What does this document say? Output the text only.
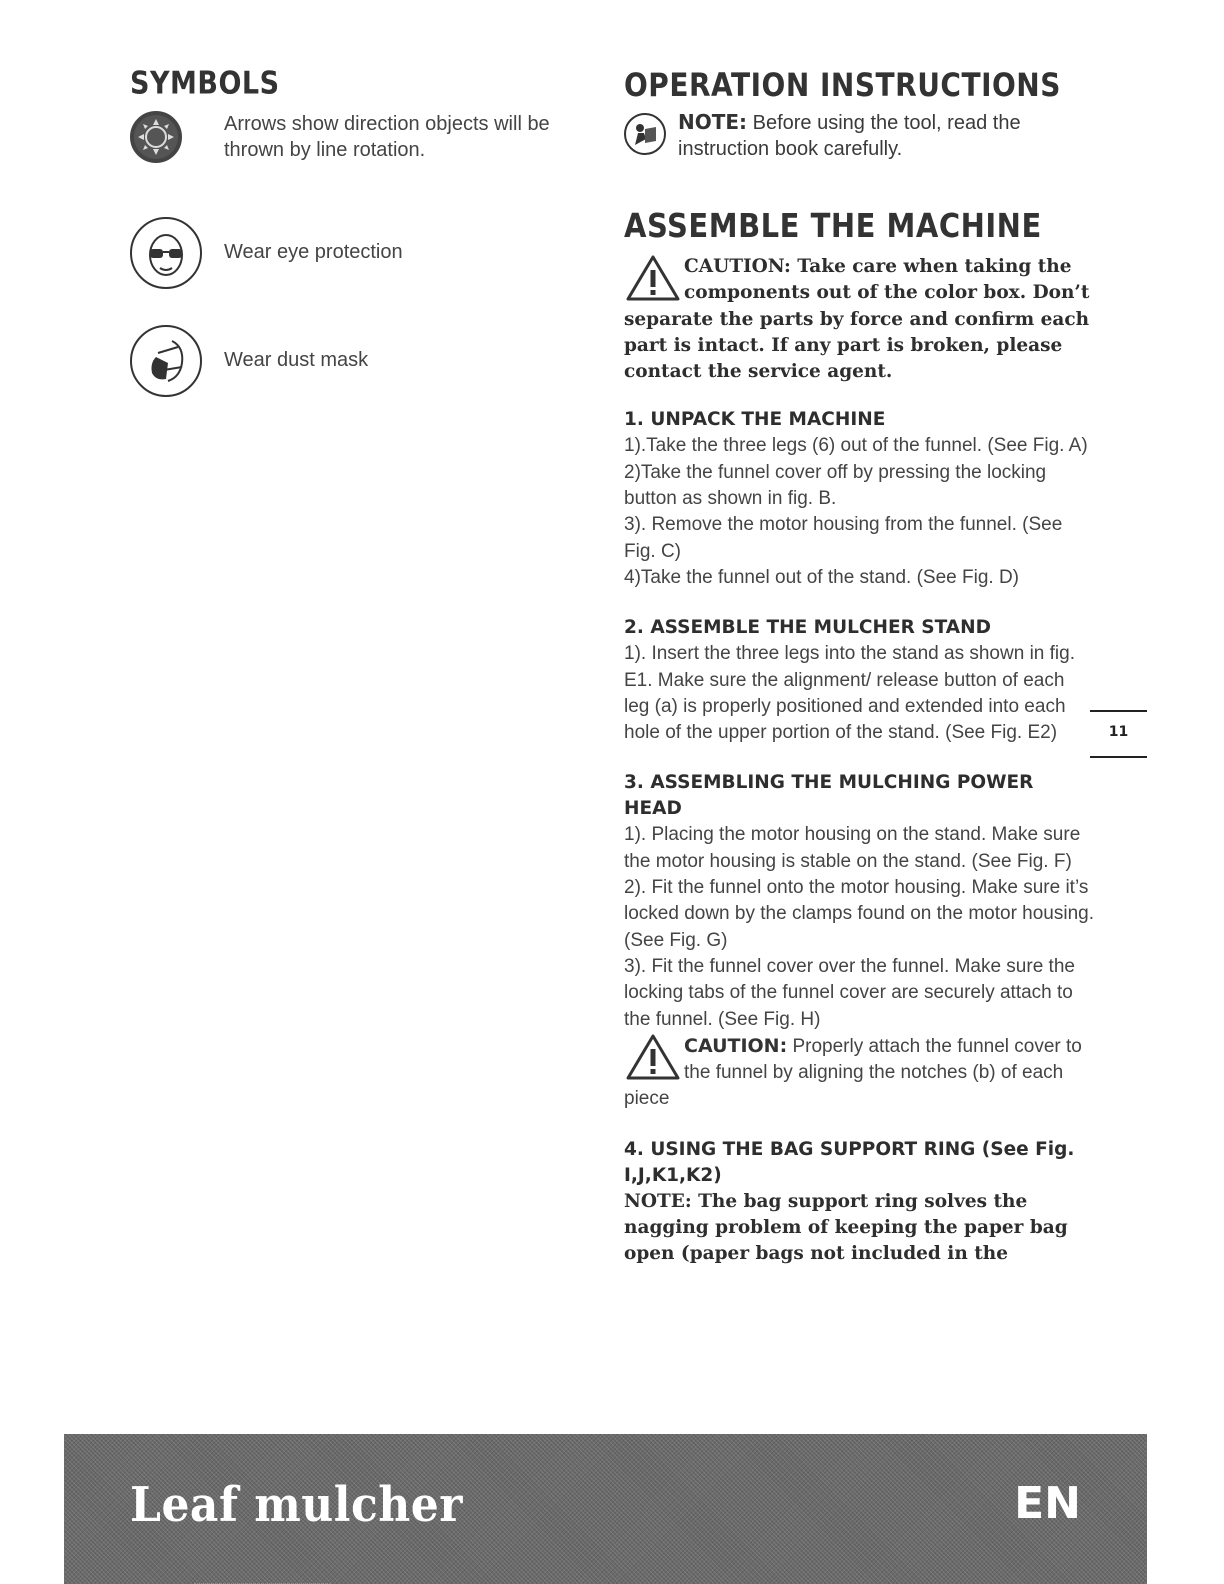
SYMBOLS
Arrows show direction objects will be thrown by line rotation.
Wear eye protection
Wear dust mask
OPERATION INSTRUCTIONS
NOTE: Before using the tool, read the instruction book carefully.
ASSEMBLE THE MACHINE
CAUTION: Take care when taking the components out of the color box. Don’t separate the parts by force and confirm each part is intact. If any part is broken, please contact the service agent.
1. UNPACK THE MACHINE

1).Take the three legs (6) out of the funnel. (See Fig. A)

2)Take the funnel cover off by pressing the locking button as shown in fig. B.

3). Remove the motor housing from the funnel. (See Fig. C)

4)Take the funnel out of the stand. (See Fig. D)

2. ASSEMBLE THE MULCHER STAND

1). Insert the three legs into the stand as shown in fig. E1. Make sure the alignment/ release button of each leg (a) is properly positioned and extended into each hole of the upper portion of the stand. (See Fig. E2)

3. ASSEMBLING THE MULCHING POWER HEAD

1). Placing the motor housing on the stand. Make sure the motor housing is stable on the stand. (See Fig. F)

2). Fit the funnel onto the motor housing. Make sure it’s locked down by the clamps found on the motor housing. (See Fig. G)

3). Fit the funnel cover over the funnel. Make sure the locking tabs of the funnel cover are securely attach to the funnel. (See Fig. H)

CAUTION: Properly attach the funnel cover to the funnel by aligning the notches (b) of each piece
4. USING THE BAG SUPPORT RING (See Fig. I,J,K1,K2)
NOTE: The bag support ring solves the nagging problem of keeping the paper bag open (paper bags not included in the
11
Leaf mulcher	EN
